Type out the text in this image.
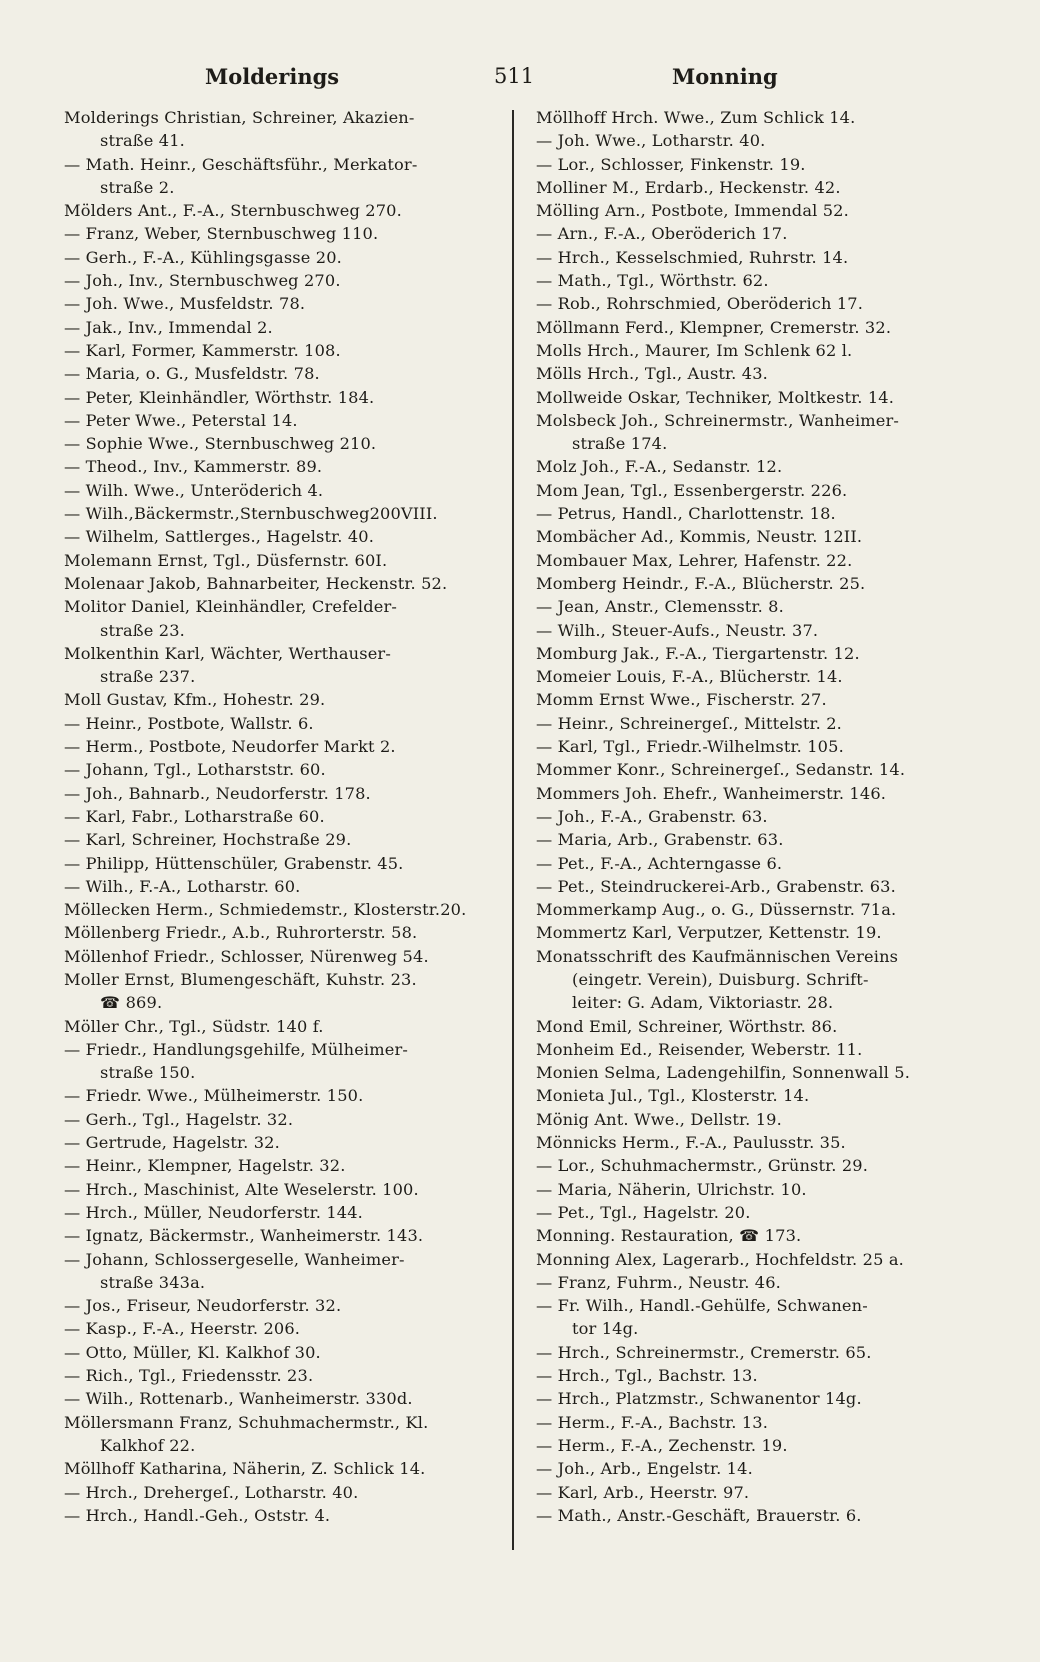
Molderings	511	Monning
Molderings Christian, Schreiner, Akazien-
straße 41.
— Math. Heinr., Geschäftsführ., Merkator-
straße 2.
Mölders Ant., F.-A., Sternbuschweg 270.
— Franz, Weber, Sternbuschweg 110.
— Gerh., F.-A., Kühlingsgasse 20.
— Joh., Inv., Sternbuschweg 270.
— Joh. Wwe., Musfeldstr. 78.
— Jak., Inv., Immendal 2.
— Karl, Former, Kammerstr. 108.
— Maria, o. G., Musfeldstr. 78.
— Peter, Kleinhändler, Wörthstr. 184.
— Peter Wwe., Peterstal 14.
— Sophie Wwe., Sternbuschweg 210.
— Theod., Inv., Kammerstr. 89.
— Wilh. Wwe., Unteröderich 4.
— Wilh.,Bäckermstr.,Sternbuschweg200VIII.
— Wilhelm, Sattlerges., Hagelstr. 40.
Molemann Ernst, Tgl., Düsfernstr. 60I.
Molenaar Jakob, Bahnarbeiter, Heckenstr. 52.
Molitor Daniel, Kleinhändler, Crefelder-
straße 23.
Molkenthin Karl, Wächter, Werthauser-
straße 237.
Moll Gustav, Kfm., Hohestr. 29.
— Heinr., Postbote, Wallstr. 6.
— Herm., Postbote, Neudorfer Markt 2.
— Johann, Tgl., Lotharststr. 60.
— Joh., Bahnarb., Neudorferstr. 178.
— Karl, Fabr., Lotharstraße 60.
— Karl, Schreiner, Hochstraße 29.
— Philipp, Hüttenschüler, Grabenstr. 45.
— Wilh., F.-A., Lotharstr. 60.
Möllecken Herm., Schmiedemstr., Klosterstr.20.
Möllenberg Friedr., A.b., Ruhrorterstr. 58.
Möllenhof Friedr., Schlosser, Nürenweg 54.
Moller Ernst, Blumengeschäft, Kuhstr. 23.
☎ 869.
Möller Chr., Tgl., Südstr. 140 f.
— Friedr., Handlungsgehilfe, Mülheimer-
straße 150.
— Friedr. Wwe., Mülheimerstr. 150.
— Gerh., Tgl., Hagelstr. 32.
— Gertrude, Hagelstr. 32.
— Heinr., Klempner, Hagelstr. 32.
— Hrch., Maschinist, Alte Weselerstr. 100.
— Hrch., Müller, Neudorferstr. 144.
— Ignatz, Bäckermstr., Wanheimerstr. 143.
— Johann, Schlossergeselle, Wanheimer-
straße 343a.
— Jos., Friseur, Neudorferstr. 32.
— Kasp., F.-A., Heerstr. 206.
— Otto, Müller, Kl. Kalkhof 30.
— Rich., Tgl., Friedensstr. 23.
— Wilh., Rottenarb., Wanheimerstr. 330d.
Möllersmann Franz, Schuhmachermstr., Kl.
Kalkhof 22.
Möllhoff Katharina, Näherin, Z. Schlick 14.
— Hrch., Drehergeſ., Lotharstr. 40.
— Hrch., Handl.-Geh., Oststr. 4.
Möllhoff Hrch. Wwe., Zum Schlick 14.
— Joh. Wwe., Lotharstr. 40.
— Lor., Schlosser, Finkenstr. 19.
Molliner M., Erdarb., Heckenstr. 42.
Mölling Arn., Postbote, Immendal 52.
— Arn., F.-A., Oberöderich 17.
— Hrch., Kesselschmied, Ruhrstr. 14.
— Math., Tgl., Wörthstr. 62.
— Rob., Rohrschmied, Oberöderich 17.
Möllmann Ferd., Klempner, Cremerstr. 32.
Molls Hrch., Maurer, Im Schlenk 62 l.
Mölls Hrch., Tgl., Austr. 43.
Mollweide Oskar, Techniker, Moltkestr. 14.
Molsbeck Joh., Schreinermstr., Wanheimer-
straße 174.
Molz Joh., F.-A., Sedanstr. 12.
Mom Jean, Tgl., Essenbergerstr. 226.
— Petrus, Handl., Charlottenstr. 18.
Mombächer Ad., Kommis, Neustr. 12II.
Mombauer Max, Lehrer, Hafenstr. 22.
Momberg Heindr., F.-A., Blücherstr. 25.
— Jean, Anstr., Clemensstr. 8.
— Wilh., Steuer-Aufs., Neustr. 37.
Momburg Jak., F.-A., Tiergartenstr. 12.
Momeier Louis, F.-A., Blücherstr. 14.
Momm Ernst Wwe., Fischerstr. 27.
— Heinr., Schreinergeſ., Mittelstr. 2.
— Karl, Tgl., Friedr.-Wilhelmstr. 105.
Mommer Konr., Schreinergeſ., Sedanstr. 14.
Mommers Joh. Ehefr., Wanheimerstr. 146.
— Joh., F.-A., Grabenstr. 63.
— Maria, Arb., Grabenstr. 63.
— Pet., F.-A., Achterngasse 6.
— Pet., Steindruckerei-Arb., Grabenstr. 63.
Mommerkamp Aug., o. G., Düssernstr. 71a.
Mommertz Karl, Verputzer, Kettenstr. 19.
Monatsschrift des Kaufmännischen Vereins
(eingetr. Verein), Duisburg. Schrift-
leiter: G. Adam, Viktoriastr. 28.
Mond Emil, Schreiner, Wörthstr. 86.
Monheim Ed., Reisender, Weberstr. 11.
Monien Selma, Ladengehilfin, Sonnenwall 5.
Monieta Jul., Tgl., Klosterstr. 14.
Mönig Ant. Wwe., Dellstr. 19.
Mönnicks Herm., F.-A., Paulusstr. 35.
— Lor., Schuhmachermstr., Grünstr. 29.
— Maria, Näherin, Ulrichstr. 10.
— Pet., Tgl., Hagelstr. 20.
Monning. Restauration, ☎ 173.
Monning Alex, Lagerarb., Hochfeldstr. 25 a.
— Franz, Fuhrm., Neustr. 46.
— Fr. Wilh., Handl.-Gehülfe, Schwanen-
tor 14g.
— Hrch., Schreinermstr., Cremerstr. 65.
— Hrch., Tgl., Bachstr. 13.
— Hrch., Platzmstr., Schwanentor 14g.
— Herm., F.-A., Bachstr. 13.
— Herm., F.-A., Zechenstr. 19.
— Joh., Arb., Engelstr. 14.
— Karl, Arb., Heerstr. 97.
— Math., Anstr.-Geschäft, Brauerstr. 6.
